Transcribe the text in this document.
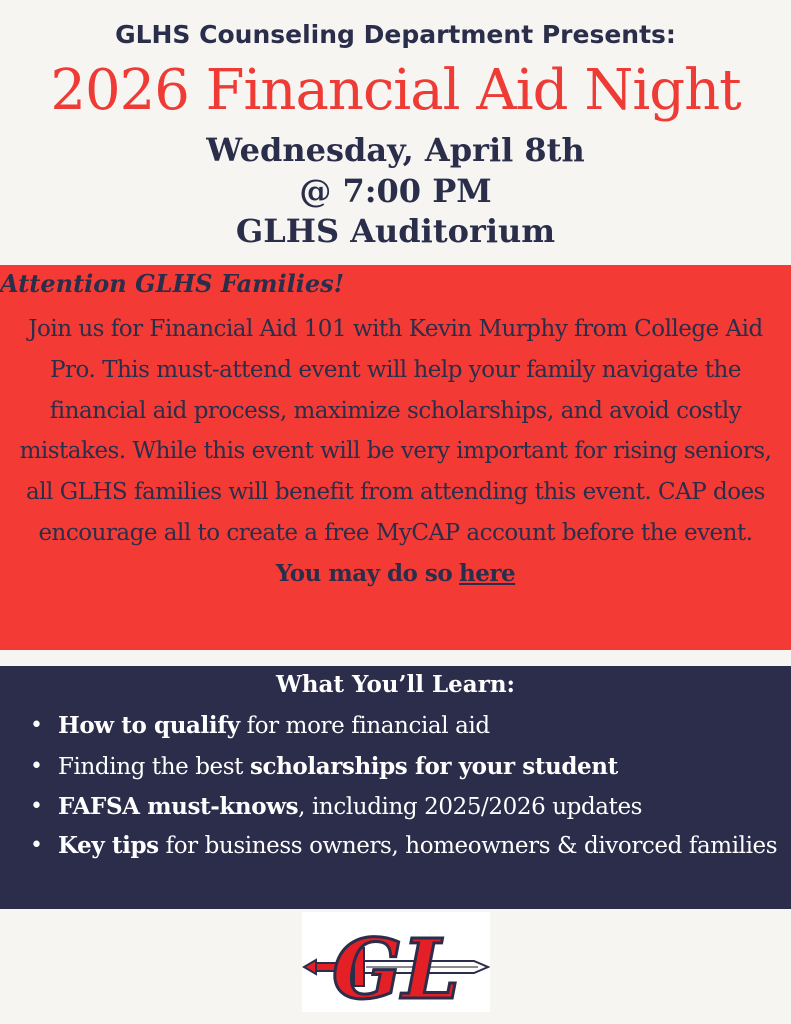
GLHS Counseling Department Presents:
2026 Financial Aid Night
Wednesday, April 8th
@ 7:00 PM
GLHS Auditorium
Attention GLHS Families!
Join us for Financial Aid 101 with Kevin Murphy from College Aid Pro. This must-attend event will help your family navigate the financial aid process, maximize scholarships, and avoid costly mistakes. While this event will be very important for rising seniors, all GLHS families will benefit from attending this event. CAP does encourage all to create a free MyCAP account before the event. You may do so here
What You’ll Learn:
• How to qualify for more financial aid
• Finding the best scholarships for your student
• FAFSA must-knows, including 2025/2026 updates
• Key tips for business owners, homeowners & divorced families
GL
